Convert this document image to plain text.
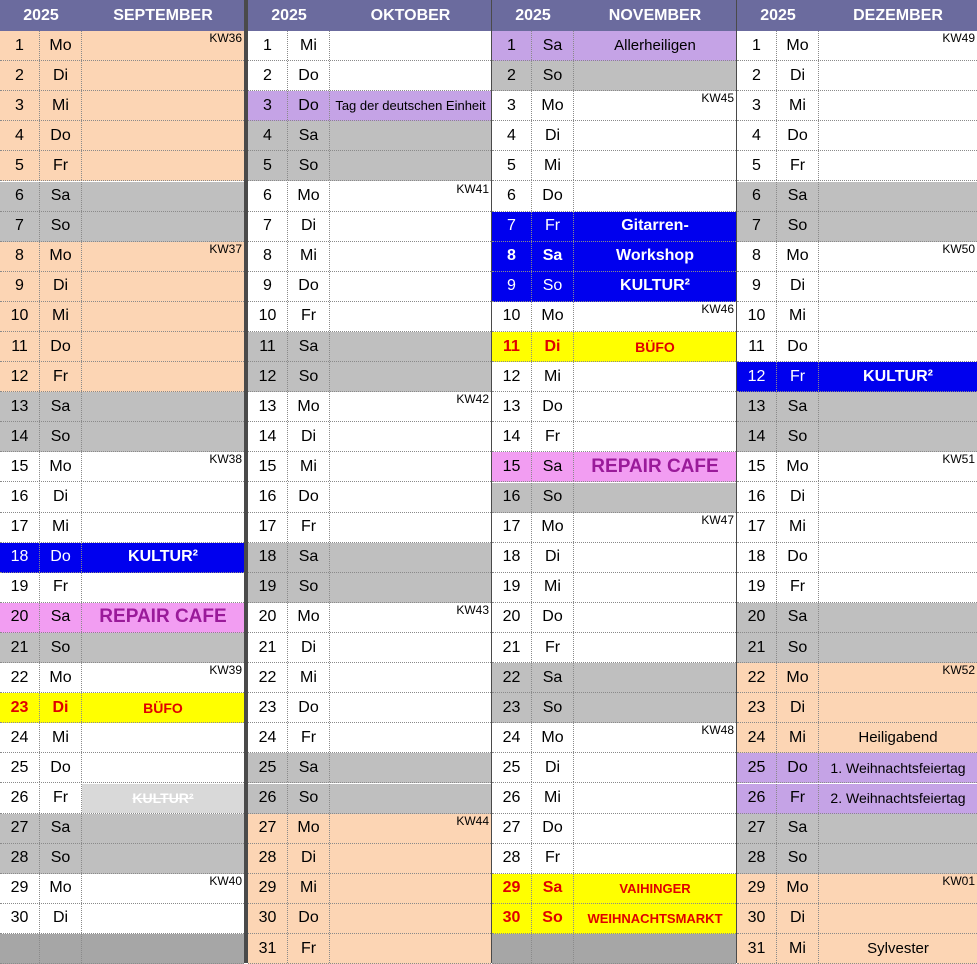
2025	SEPTEMBER
1	Mo	KW36
2	Di
3	Mi
4	Do
5	Fr
6	Sa
7	So
8	Mo	KW37
9	Di
10	Mi
11	Do
12	Fr
13	Sa
14	So
15	Mo	KW38
16	Di
17	Mi
18	Do	KULTUR²
19	Fr
20	Sa	REPAIR CAFE
21	So
22	Mo	KW39
23	Di	BÜFO
24	Mi
25	Do
26	Fr	KULTUR²
27	Sa
28	So
29	Mo	KW40
30	Di
2025	OKTOBER
1	Mi
2	Do
3	Do	Tag der deutschen Einheit
4	Sa
5	So
6	Mo	KW41
7	Di
8	Mi
9	Do
10	Fr
11	Sa
12	So
13	Mo	KW42
14	Di
15	Mi
16	Do
17	Fr
18	Sa
19	So
20	Mo	KW43
21	Di
22	Mi
23	Do
24	Fr
25	Sa
26	So
27	Mo	KW44
28	Di
29	Mi
30	Do
31	Fr
2025	NOVEMBER
1	Sa	Allerheiligen
2	So
3	Mo	KW45
4	Di
5	Mi
6	Do
7	Fr	Gitarren-
8	Sa	Workshop
9	So	KULTUR²
10	Mo	KW46
11	Di	BÜFO
12	Mi
13	Do
14	Fr
15	Sa	REPAIR CAFE
16	So
17	Mo	KW47
18	Di
19	Mi
20	Do
21	Fr
22	Sa
23	So
24	Mo	KW48
25	Di
26	Mi
27	Do
28	Fr
29	Sa	VAIHINGER
30	So	WEIHNACHTSMARKT
2025	DEZEMBER
1	Mo	KW49
2	Di
3	Mi
4	Do
5	Fr
6	Sa
7	So
8	Mo	KW50
9	Di
10	Mi
11	Do
12	Fr	KULTUR²
13	Sa
14	So
15	Mo	KW51
16	Di
17	Mi
18	Do
19	Fr
20	Sa
21	So
22	Mo	KW52
23	Di
24	Mi	Heiligabend
25	Do	1. Weihnachtsfeiertag
26	Fr	2. Weihnachtsfeiertag
27	Sa
28	So
29	Mo	KW01
30	Di
31	Mi	Sylvester
